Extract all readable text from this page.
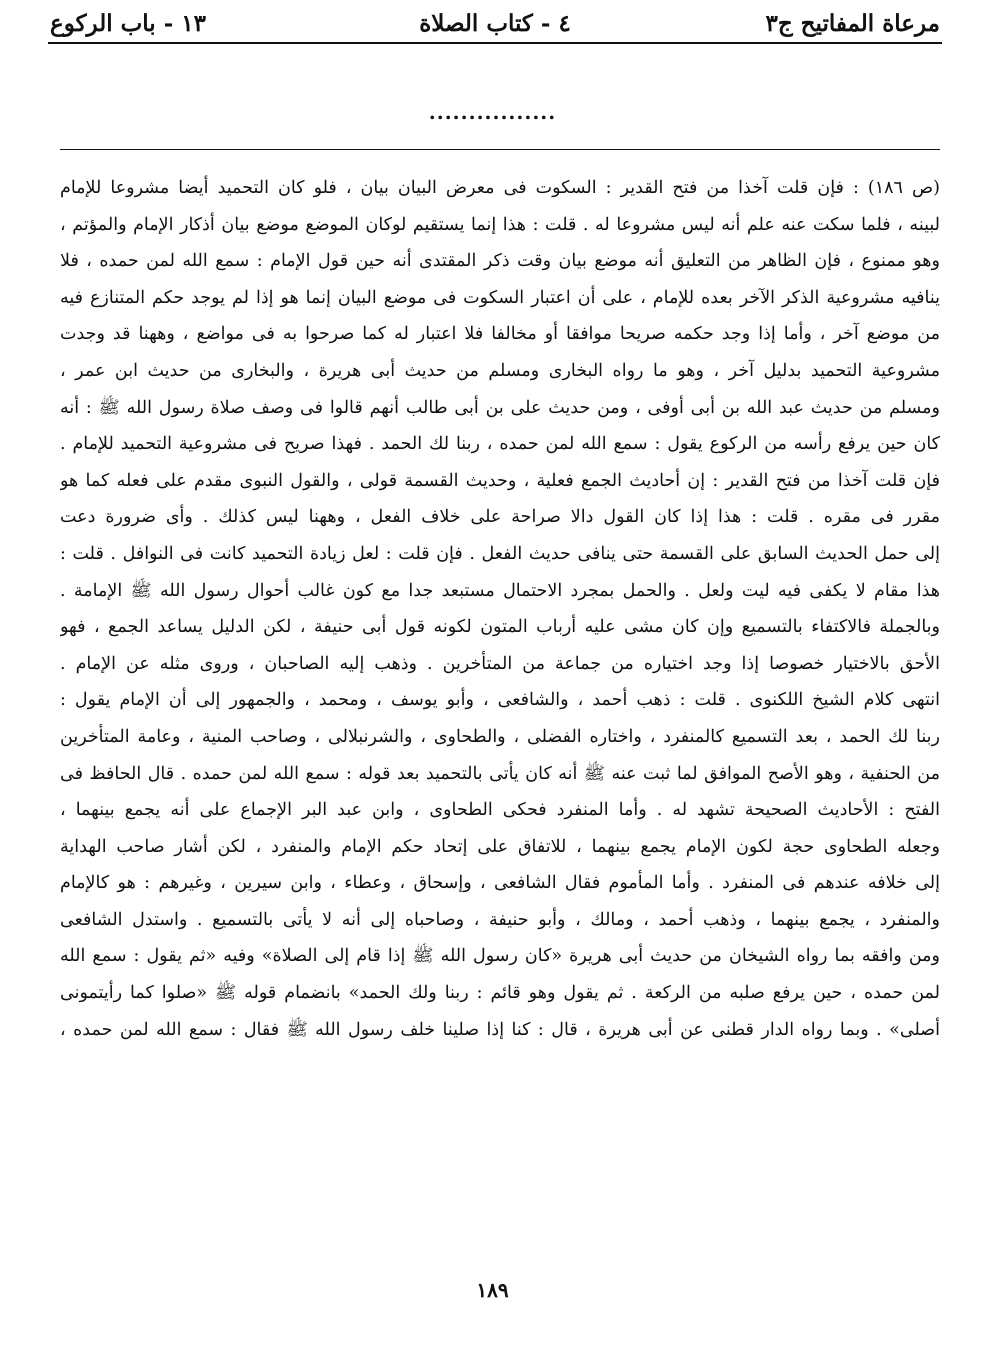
مرعاة المفاتيح ج٣
٤ - كتاب الصلاة
١٣ - باب الركوع
................
(ص ١٨٦) : فإن قلت آخذا من فتح القدير : السكوت فى معرض البيان بيان ، فلو كان التحميد أيضا مشروعا للإمام
لبينه ، فلما سكت عنه علم أنه ليس مشروعا له . قلت : هذا إنما يستقيم لوكان الموضع موضع بيان أذكار الإمام والمؤتم ،
وهو ممنوع ، فإن الظاهر من التعليق أنه موضع بيان وقت ذكر المقتدى أنه حين قول الإمام : سمع الله لمن حمده ، فلا
ينافيه مشروعية الذكر الآخر بعده للإمام ، على أن اعتبار السكوت فى موضع البيان إنما هو إذا لم يوجد حكم المتنازع فيه
من موضع آخر ، وأما إذا وجد حكمه صريحا موافقا أو مخالفا فلا اعتبار له كما صرحوا به فى مواضع ، وههنا قد وجدت
مشروعية التحميد بدليل آخر ، وهو ما رواه البخارى ومسلم من حديث أبى هريرة ، والبخارى من حديث ابن عمر ،
ومسلم من حديث عبد الله بن أبى أوفى ، ومن حديث على بن أبى طالب أنهم قالوا فى وصف صلاة رسول الله ﷺ : أنه
كان حين يرفع رأسه من الركوع يقول : سمع الله لمن حمده ، ربنا لك الحمد . فهذا صريح فى مشروعية التحميد للإمام .
فإن قلت آخذا من فتح القدير : إن أحاديث الجمع فعلية ، وحديث القسمة قولى ، والقول النبوى مقدم على فعله كما هو
مقرر فى مقره . قلت : هذا إذا كان القول دالا صراحة على خلاف الفعل ، وههنا ليس كذلك . وأى ضرورة دعت
إلى حمل الحديث السابق على القسمة حتى ينافى حديث الفعل . فإن قلت : لعل زيادة التحميد كانت فى النوافل . قلت :
هذا مقام لا يكفى فيه ليت ولعل . والحمل بمجرد الاحتمال مستبعد جدا مع كون غالب أحوال رسول الله ﷺ الإمامة .
وبالجملة فالاكتفاء بالتسميع وإن كان مشى عليه أرباب المتون لكونه قول أبى حنيفة ، لكن الدليل يساعد الجمع ، فهو
الأحق بالاختيار خصوصا إذا وجد اختياره من جماعة من المتأخرين . وذهب إليه الصاحبان ، وروى مثله عن الإمام .
انتهى كلام الشيخ اللكنوى . قلت : ذهب أحمد ، والشافعى ، وأبو يوسف ، ومحمد ، والجمهور إلى أن الإمام يقول :
ربنا لك الحمد ، بعد التسميع كالمنفرد ، واختاره الفضلى ، والطحاوى ، والشرنبلالى ، وصاحب المنية ، وعامة المتأخرين
من الحنفية ، وهو الأصح الموافق لما ثبت عنه ﷺ أنه كان يأتى بالتحميد بعد قوله : سمع الله لمن حمده . قال الحافظ فى
الفتح : الأحاديث الصحيحة تشهد له . وأما المنفرد فحكى الطحاوى ، وابن عبد البر الإجماع على أنه يجمع بينهما ،
وجعله الطحاوى حجة لكون الإمام يجمع بينهما ، للاتفاق على إتحاد حكم الإمام والمنفرد ، لكن أشار صاحب الهداية
إلى خلافه عندهم فى المنفرد . وأما المأموم فقال الشافعى ، وإسحاق ، وعطاء ، وابن سيرين ، وغيرهم : هو كالإمام
والمنفرد ، يجمع بينهما ، وذهب أحمد ، ومالك ، وأبو حنيفة ، وصاحباه إلى أنه لا يأتى بالتسميع . واستدل الشافعى
ومن وافقه بما رواه الشيخان من حديث أبى هريرة «كان رسول الله ﷺ إذا قام إلى الصلاة» وفيه «ثم يقول : سمع الله
لمن حمده ، حين يرفع صلبه من الركعة . ثم يقول وهو قائم : ربنا ولك الحمد» بانضمام قوله ﷺ «صلوا كما رأيتمونى
أصلى» . وبما رواه الدار قطنى عن أبى هريرة ، قال : كنا إذا صلينا خلف رسول الله ﷺ فقال : سمع الله لمن حمده ،
١٨٩
